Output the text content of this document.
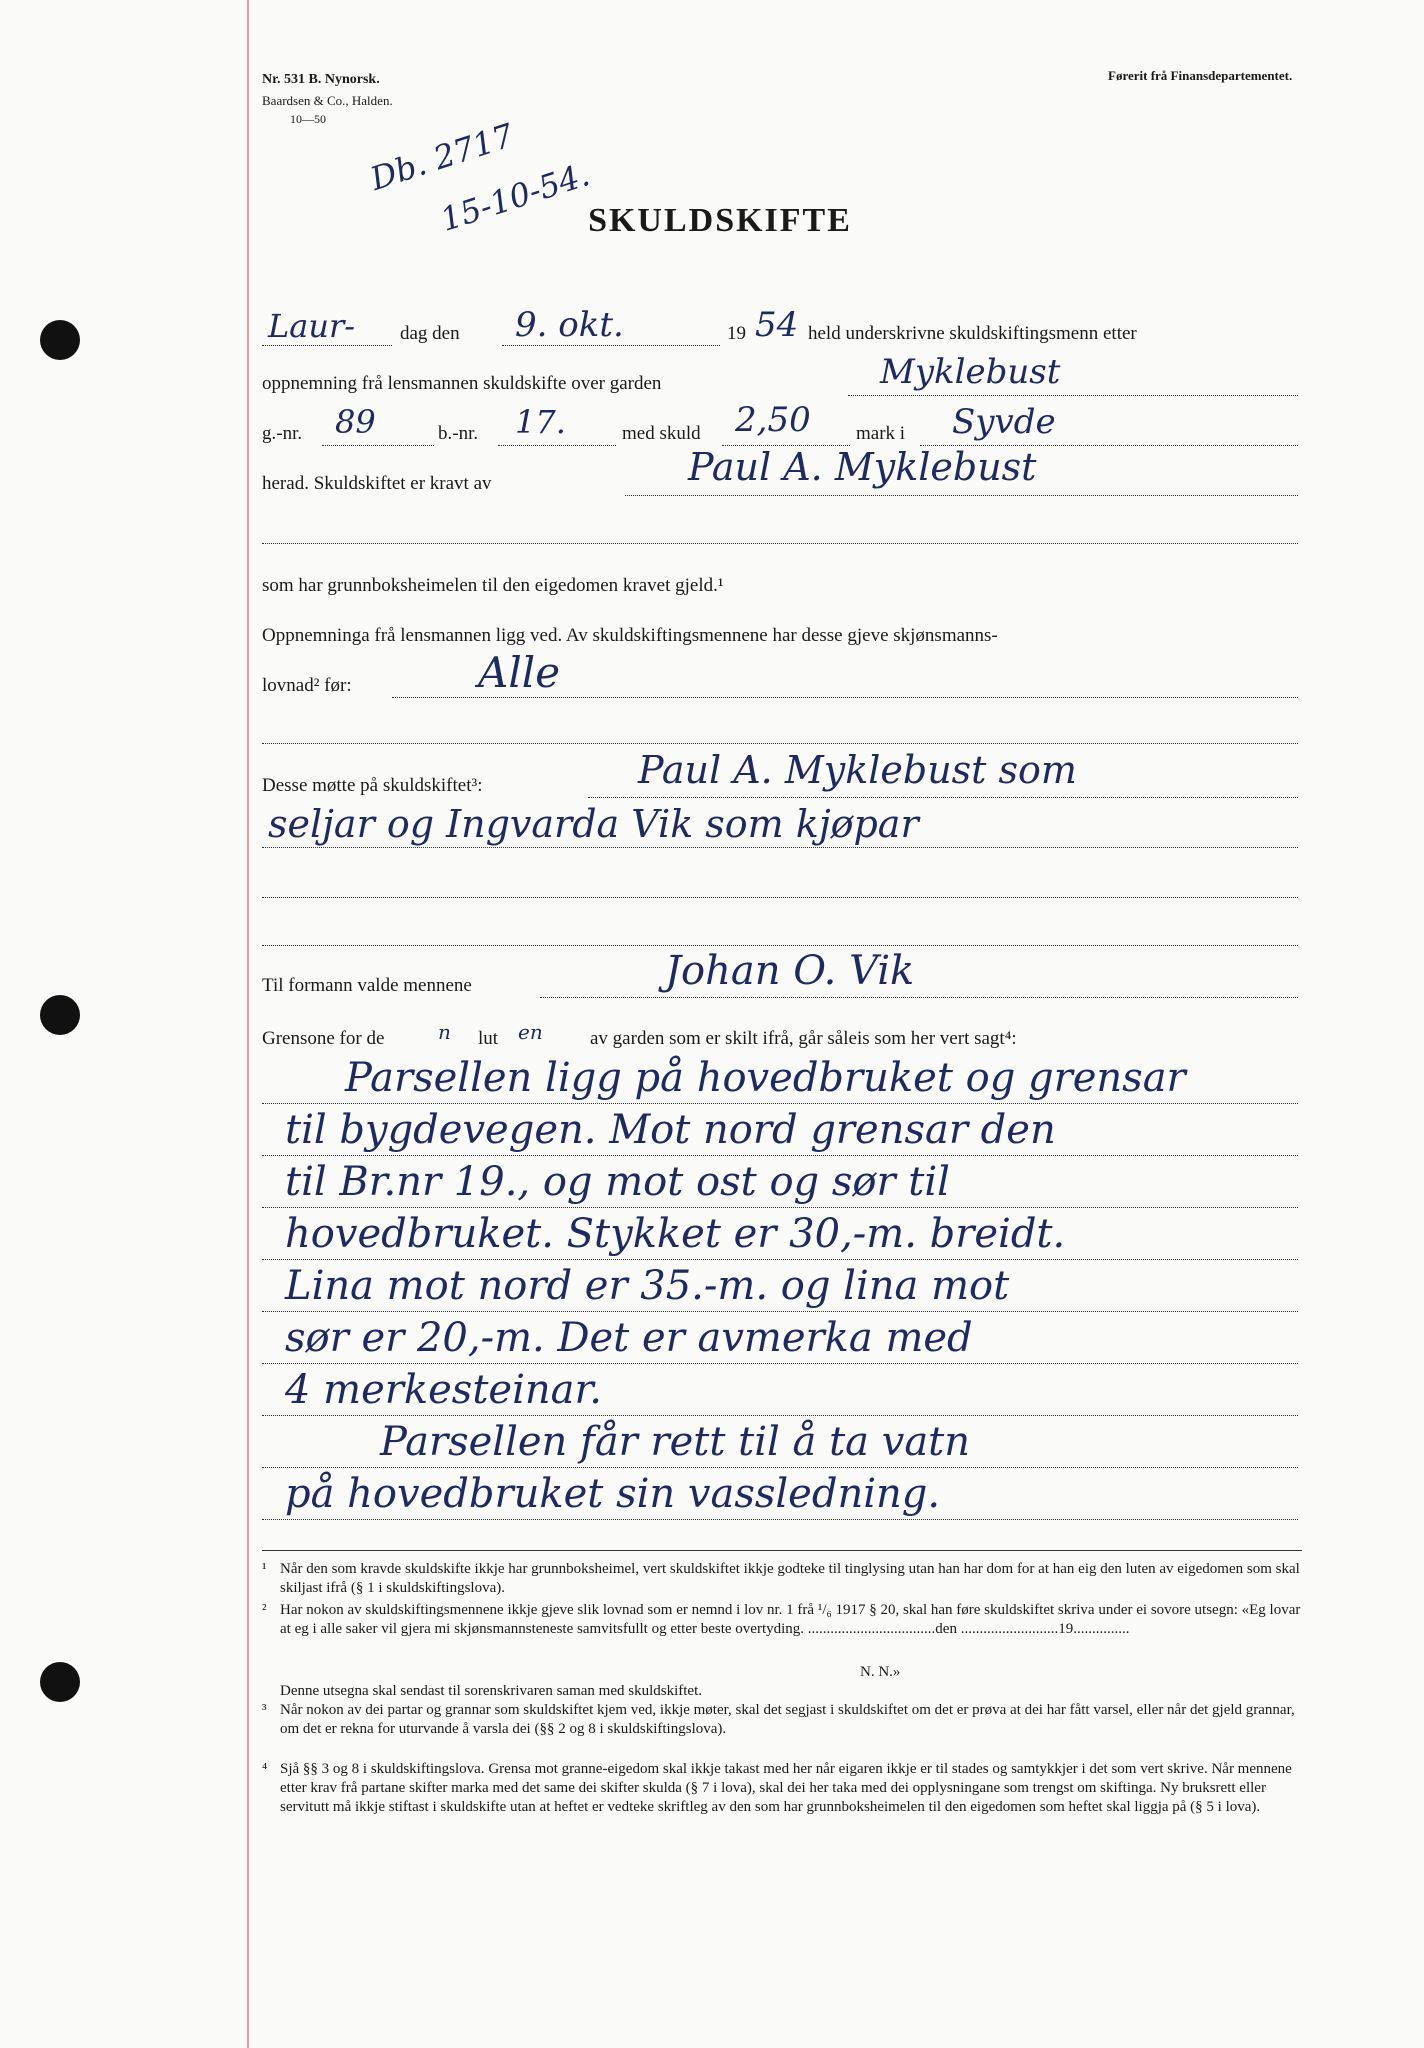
Nr. 531 B. Nynorsk.
Baardsen & Co., Halden.
10—50
Førerit frå Finansdepartementet.
Db. 2717
15-10-54.
SKULDSKIFTE
Laur- dag den 9. okt.	19 54 held underskrivne skuldskiftingsmenn etter
oppnemning frå lensmannen skuldskifte over garden	Myklebust
g.-nr. 89	b.-nr. 17.	med skuld 2,50 mark i Syvde
herad. Skuldskiftet er kravt av	Paul A. Myklebust
som har grunnboksheimelen til den eigedomen kravet gjeld.¹
Oppnemninga frå lensmannen ligg ved. Av skuldskiftingsmennene har desse gjeve skjønsmanns-
lovnad² før:	Alle
Desse møtte på skuldskiftet³:	Paul A. Myklebust som
seljar og Ingvarda Vik som kjøpar
Til formann valde mennene	Johan O. Vik
Grensone for de	n lut en av garden som er skilt ifrå, går såleis som her vert sagt⁴:
Parsellen ligg på hovedbruket og grensar
til bygdevegen. Mot nord grensar den
til Br.nr 19., og mot ost og sør til
hovedbruket. Stykket er 30,-m. breidt.
Lina mot nord er 35.-m. og lina mot
sør er 20,-m. Det er avmerka med
4 merkesteinar.
Parsellen får rett til å ta vatn
på hovedbruket sin vassledning.
¹ Når den som kravde skuldskifte ikkje har grunnboksheimel, vert skuldskiftet ikkje godteke til tinglysing utan han har dom for at han eig den luten av eigedomen som skal skiljast ifrå (§ 1 i skuldskiftingslova).
² Har nokon av skuldskiftingsmennene ikkje gjeve slik lovnad som er nemnd i lov nr. 1 frå ¹/₆ 1917 § 20, skal han føre skuldskiftet skriva under ei sovore utsegn: «Eg lovar at eg i alle saker vil gjera mi skjønsmannsteneste samvitsfullt og etter beste overtyding. ..................................den ..........................19...............
N. N.»
Denne utsegna skal sendast til sorenskrivaren saman med skuldskiftet.
³ Når nokon av dei partar og grannar som skuldskiftet kjem ved, ikkje møter, skal det segjast i skuldskiftet om det er prøva at dei har fått varsel, eller når det gjeld grannar, om det er rekna for uturvande å varsla dei (§§ 2 og 8 i skuldskiftingslova).
⁴ Sjå §§ 3 og 8 i skuldskiftingslova. Grensa mot granne-eigedom skal ikkje takast med her når eigaren ikkje er til stades og samtykkjer i det som vert skrive. Når mennene etter krav frå partane skifter marka med det same dei skifter skulda (§ 7 i lova), skal dei her taka med dei opplysningane som trengst om skiftinga. Ny bruksrett eller servitutt må ikkje stiftast i skuldskifte utan at heftet er vedteke skriftleg av den som har grunnboksheimelen til den eigedomen som heftet skal liggja på (§ 5 i lova).
